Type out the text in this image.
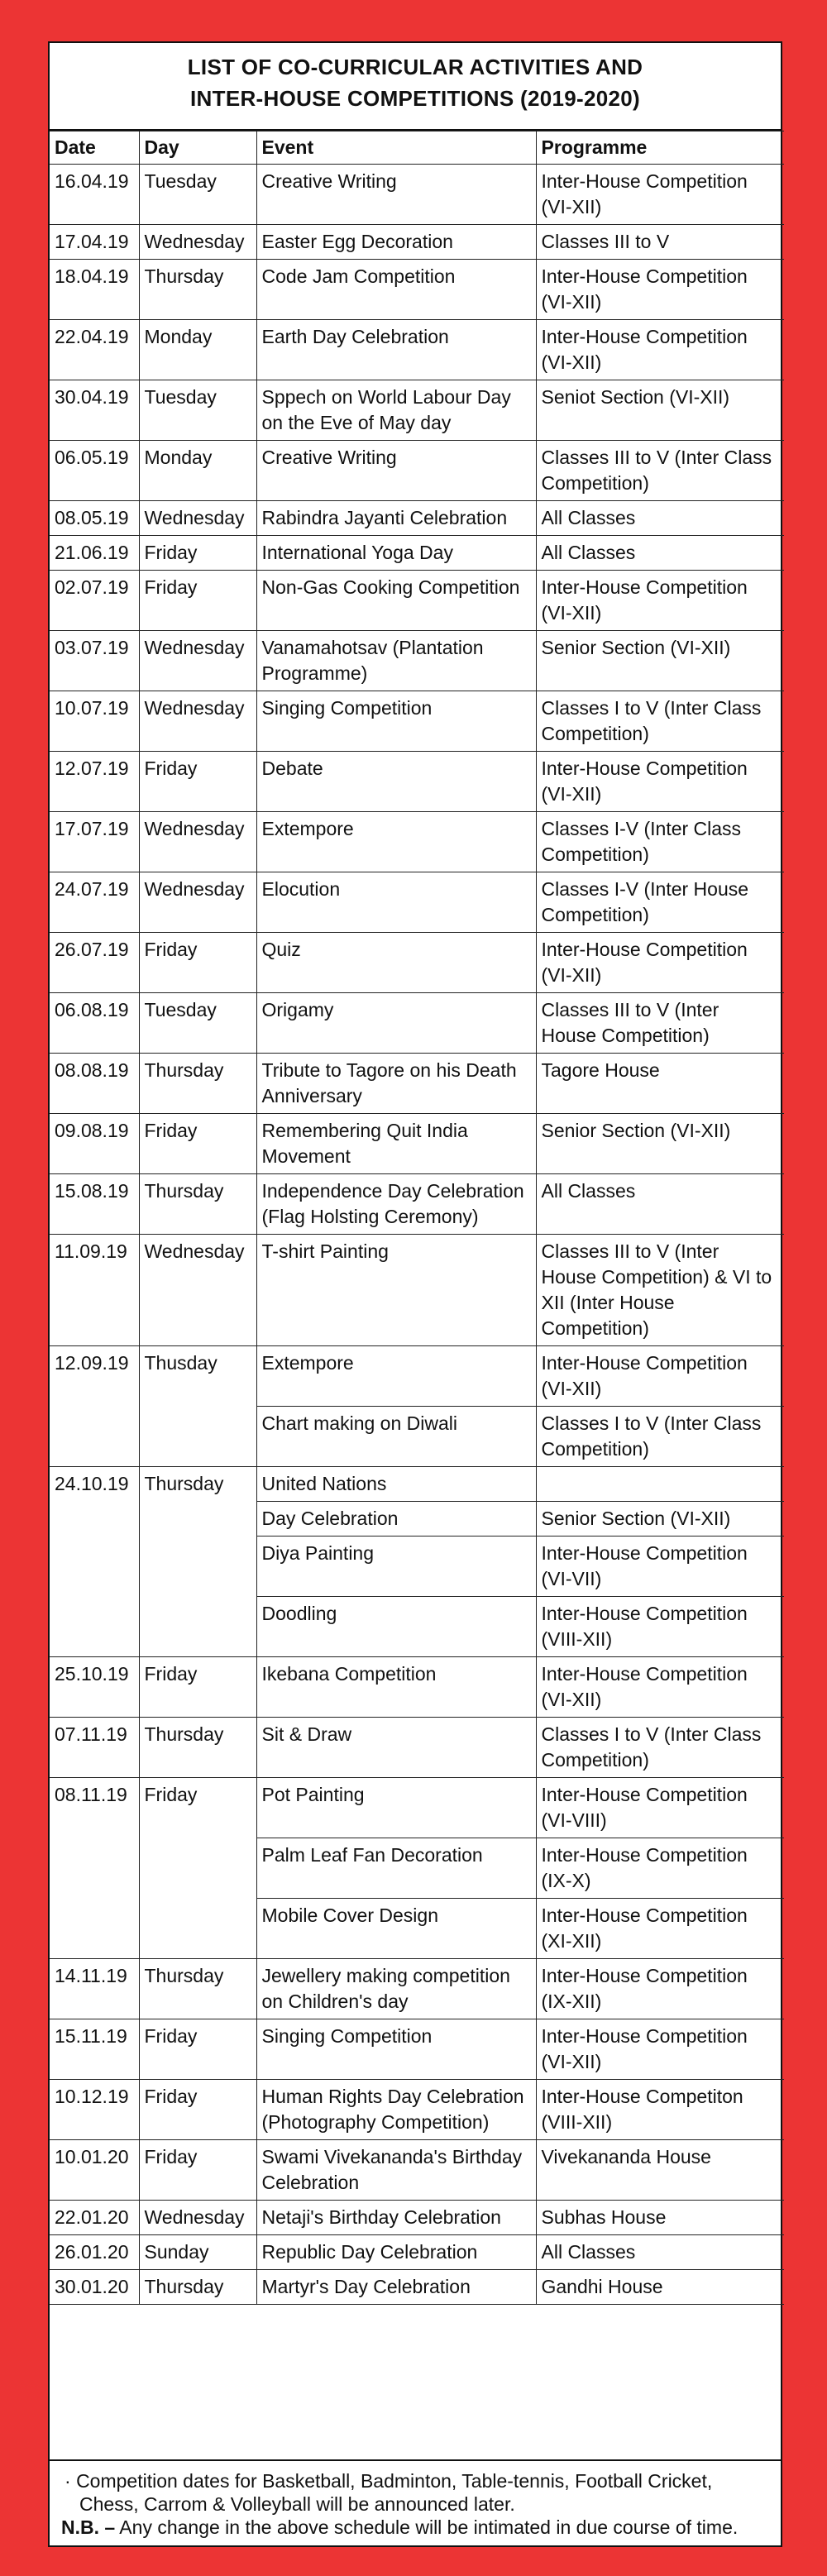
LIST OF CO-CURRICULAR ACTIVITIES AND
INTER-HOUSE COMPETITIONS (2019-2020)
Date	Day	Event	Programme
16.04.19	Tuesday	Creative Writing	Inter-House Competition (VI-XII)
17.04.19	Wednesday	Easter Egg Decoration	Classes III to V
18.04.19	Thursday	Code Jam Competition	Inter-House Competition (VI-XII)
22.04.19	Monday	Earth Day Celebration	Inter-House Competition (VI-XII)
30.04.19	Tuesday	Sppech on World Labour Day on the Eve of May day	Seniot Section (VI-XII)
06.05.19	Monday	Creative Writing	Classes III to V (Inter Class Competition)
08.05.19	Wednesday	Rabindra Jayanti Celebration	All Classes
21.06.19	Friday	International Yoga Day	All Classes
02.07.19	Friday	Non-Gas Cooking Competition	Inter-House Competition (VI-XII)
03.07.19	Wednesday	Vanamahotsav (Plantation Programme)	Senior Section (VI-XII)
10.07.19	Wednesday	Singing Competition	Classes I to V (Inter Class Competition)
12.07.19	Friday	Debate	Inter-House Competition (VI-XII)
17.07.19	Wednesday	Extempore	Classes I-V (Inter Class Competition)
24.07.19	Wednesday	Elocution	Classes I-V (Inter House Competition)
26.07.19	Friday	Quiz	Inter-House Competition (VI-XII)
06.08.19	Tuesday	Origamy	Classes III to V (Inter House Competition)
08.08.19	Thursday	Tribute to Tagore on his Death Anniversary	Tagore House
09.08.19	Friday	Remembering Quit India Movement	Senior Section (VI-XII)
15.08.19	Thursday	Independence Day Celebration (Flag Holsting Ceremony)	All Classes
11.09.19	Wednesday	T-shirt Painting	Classes III to V (Inter House Competition) & VI to XII (Inter House Competition)
12.09.19	Thusday	Extempore	Inter-House Competition (VI-XII)
		Chart making on Diwali	Classes I to V (Inter Class Competition)
24.10.19	Thursday	United Nations	
		Day Celebration	Senior Section (VI-XII)
		Diya Painting	Inter-House Competition (VI-VII)
		Doodling	Inter-House Competition (VIII-XII)
25.10.19	Friday	Ikebana Competition	Inter-House Competition (VI-XII)
07.11.19	Thursday	Sit & Draw	Classes I to V (Inter Class Competition)
08.11.19	Friday	Pot Painting	Inter-House Competition (VI-VIII)
		Palm Leaf Fan Decoration	Inter-House Competition (IX-X)
		Mobile Cover Design	Inter-House Competition (XI-XII)
14.11.19	Thursday	Jewellery making competition on Children's day	Inter-House Competition (IX-XII)
15.11.19	Friday	Singing Competition	Inter-House Competition (VI-XII)
10.12.19	Friday	Human Rights Day Celebration (Photography Competition)	Inter-House Competiton (VIII-XII)
10.01.20	Friday	Swami Vivekananda's Birthday Celebration	Vivekananda House
22.01.20	Wednesday	Netaji's Birthday Celebration	Subhas House
26.01.20	Sunday	Republic Day Celebration	All Classes
30.01.20	Thursday	Martyr's Day Celebration	Gandhi House

· Competition dates for Basketball, Badminton, Table-tennis, Football Cricket, Chess, Carrom & Volleyball will be announced later.

N.B. – Any change in the above schedule will be intimated in due course of time.
